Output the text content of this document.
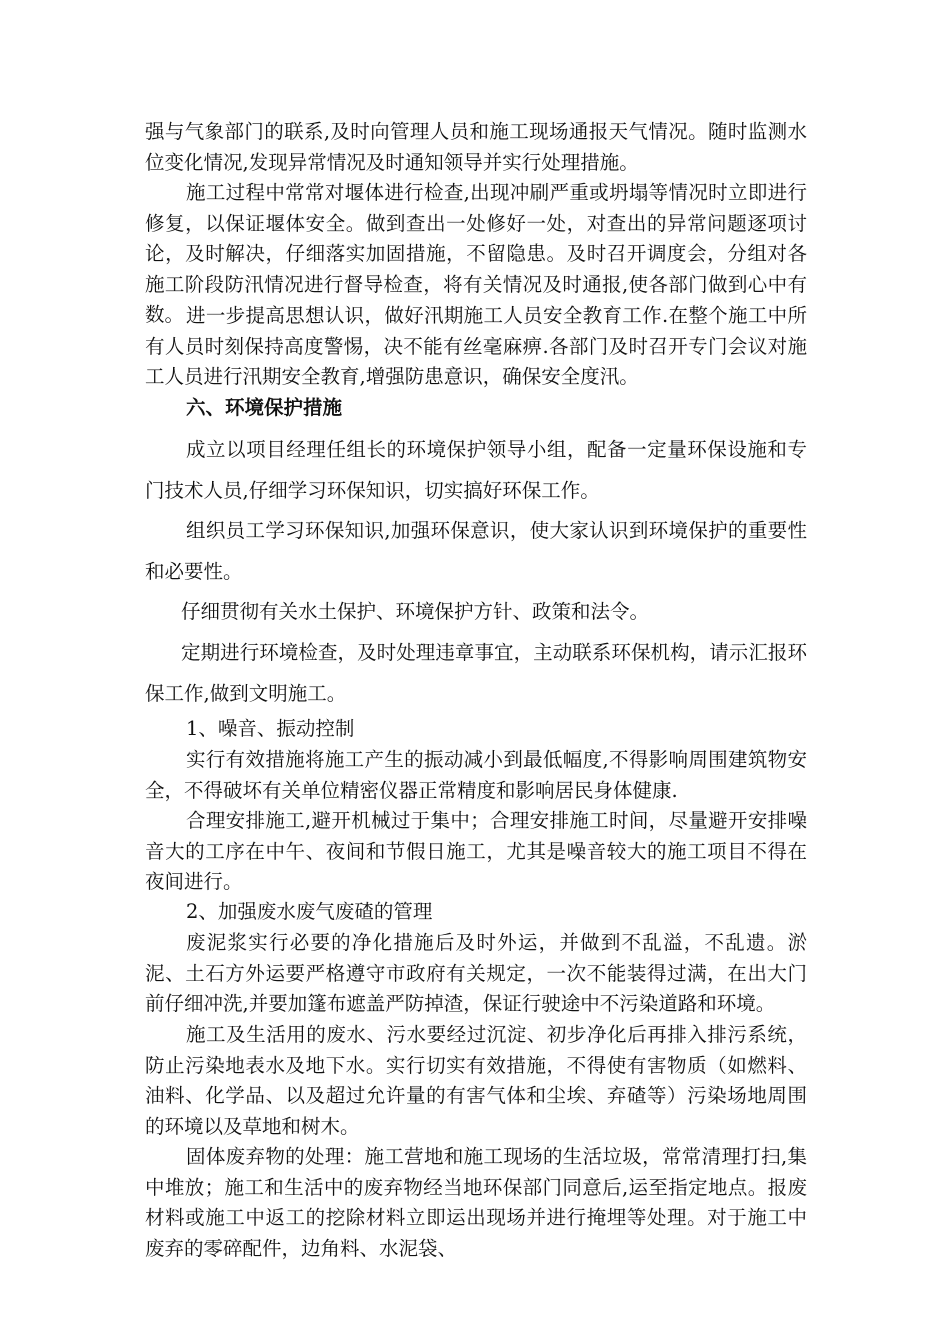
强与气象部门的联系,及时向管理人员和施工现场通报天气情况。随时监测水位变化情况,发现异常情况及时通知领导并实行处理措施。

施工过程中常常对堰体进行检查,出现冲刷严重或坍塌等情况时立即进行修复，以保证堰体安全。做到查出一处修好一处，对查出的异常问题逐项讨论，及时解决，仔细落实加固措施，不留隐患。及时召开调度会，分组对各施工阶段防汛情况进行督导检查，将有关情况及时通报,使各部门做到心中有数。 进一步提高思想认识，做好汛期施工人员安全教育工作.在整个施工中所有人员时刻保持高度警惕，决不能有丝毫麻痹.各部门及时召开专门会议对施工人员进行汛期安全教育,增强防患意识，确保安全度汛。

六、环境保护措施

成立以项目经理任组长的环境保护领导小组，配备一定量环保设施和专门技术人员,仔细学习环保知识，切实搞好环保工作。

组织员工学习环保知识,加强环保意识，使大家认识到环境保护的重要性和必要性。

仔细贯彻有关水土保护、环境保护方针、政策和法令。

定期进行环境检查，及时处理违章事宜，主动联系环保机构，请示汇报环保工作,做到文明施工。

1、噪音、振动控制

实行有效措施将施工产生的振动减小到最低幅度,不得影响周围建筑物安全，不得破坏有关单位精密仪器正常精度和影响居民身体健康.

合理安排施工,避开机械过于集中；合理安排施工时间，尽量避开安排噪音大的工序在中午、夜间和节假日施工，尤其是噪音较大的施工项目不得在夜间进行。

2、加强废水废气废碴的管理

废泥浆实行必要的净化措施后及时外运，并做到不乱溢，不乱遗。淤泥、土石方外运要严格遵守市政府有关规定，一次不能装得过满，在出大门前仔细冲洗,并要加篷布遮盖严防掉渣，保证行驶途中不污染道路和环境。

施工及生活用的废水、污水要经过沉淀、初步净化后再排入排污系统，防止污染地表水及地下水。实行切实有效措施，不得使有害物质（如燃料、油料、化学品、以及超过允许量的有害气体和尘埃、弃碴等）污染场地周围的环境以及草地和树木。

固体废弃物的处理：施工营地和施工现场的生活垃圾，常常清理打扫,集中堆放；施工和生活中的废弃物经当地环保部门同意后,运至指定地点。报废材料或施工中返工的挖除材料立即运出现场并进行掩埋等处理。对于施工中废弃的零碎配件，边角料、水泥袋、
